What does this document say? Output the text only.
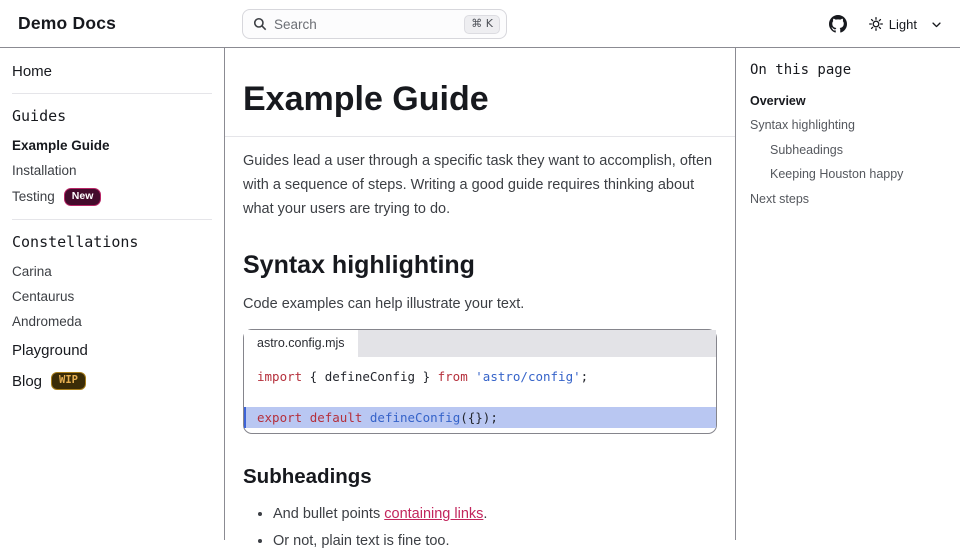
Demo Docs	Search	⌘ K	Light
Home
Guides
Example Guide
Installation
Testing	New
Constellations
Carina
Centaurus
Andromeda
Playground
Blog	WIP
Example Guide

Guides lead a user through a specific task they want to accomplish, often with a sequence of steps. Writing a good guide requires thinking about what your users are trying to do.

Syntax highlighting

Code examples can help illustrate your text.

astro.config.mjs
import { defineConfig } from 'astro/config';
export default defineConfig({});
Subheadings
• And bullet points containing links.
• Or not, plain text is fine too.
On this page
Overview
Syntax highlighting
Subheadings
Keeping Houston happy
Next steps
